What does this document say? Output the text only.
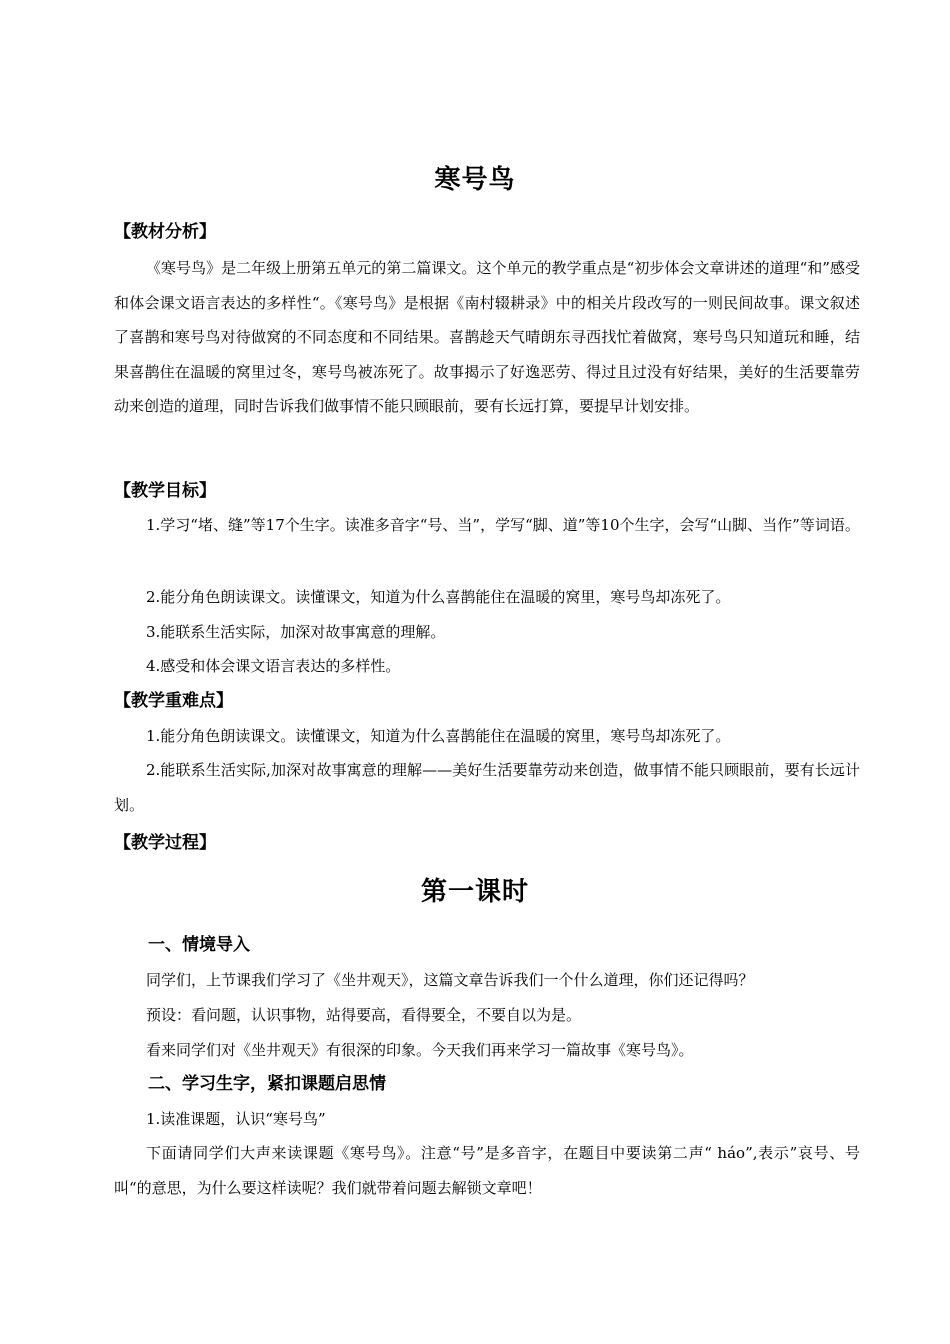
寒号鸟
【教材分析】
《寒号鸟》是二年级上册第五单元的第二篇课文。这个单元的教学重点是“初步体会文章讲述的道理“和”感受和体会课文语言表达的多样性“。《寒号鸟》是根据《南村辍耕录》中的相关片段改写的一则民间故事。课文叙述了喜鹊和寒号鸟对待做窝的不同态度和不同结果。喜鹊趁天气晴朗东寻西找忙着做窝，寒号鸟只知道玩和睡，结果喜鹊住在温暖的窝里过冬，寒号鸟被冻死了。故事揭示了好逸恶劳、得过且过没有好结果，美好的生活要靠劳动来创造的道理，同时告诉我们做事情不能只顾眼前，要有长远打算，要提早计划安排。
【教学目标】
1.学习“堵、缝”等17个生字。读准多音字“号、当”，学写“脚、道”等10个生字，会写“山脚、当作”等词语。
2.能分角色朗读课文。读懂课文，知道为什么喜鹊能住在温暖的窝里，寒号鸟却冻死了。
3.能联系生活实际，加深对故事寓意的理解。
4.感受和体会课文语言表达的多样性。
【教学重难点】
1.能分角色朗读课文。读懂课文，知道为什么喜鹊能住在温暖的窝里，寒号鸟却冻死了。
2.能联系生活实际,加深对故事寓意的理解——美好生活要靠劳动来创造，做事情不能只顾眼前，要有长远计划。
【教学过程】
第一课时
一、情境导入
同学们，上节课我们学习了《坐井观天》，这篇文章告诉我们一个什么道理，你们还记得吗？
预设：看问题，认识事物，站得要高，看得要全，不要自以为是。
看来同学们对《坐井观天》有很深的印象。今天我们再来学习一篇故事《寒号鸟》。
二、学习生字，紧扣课题启思情
1.读准课题，认识“寒号鸟”
下面请同学们大声来读课题《寒号鸟》。注意“号”是多音字，在题目中要读第二声“ háo”,表示”哀号、号叫“的意思，为什么要这样读呢？我们就带着问题去解锁文章吧！
